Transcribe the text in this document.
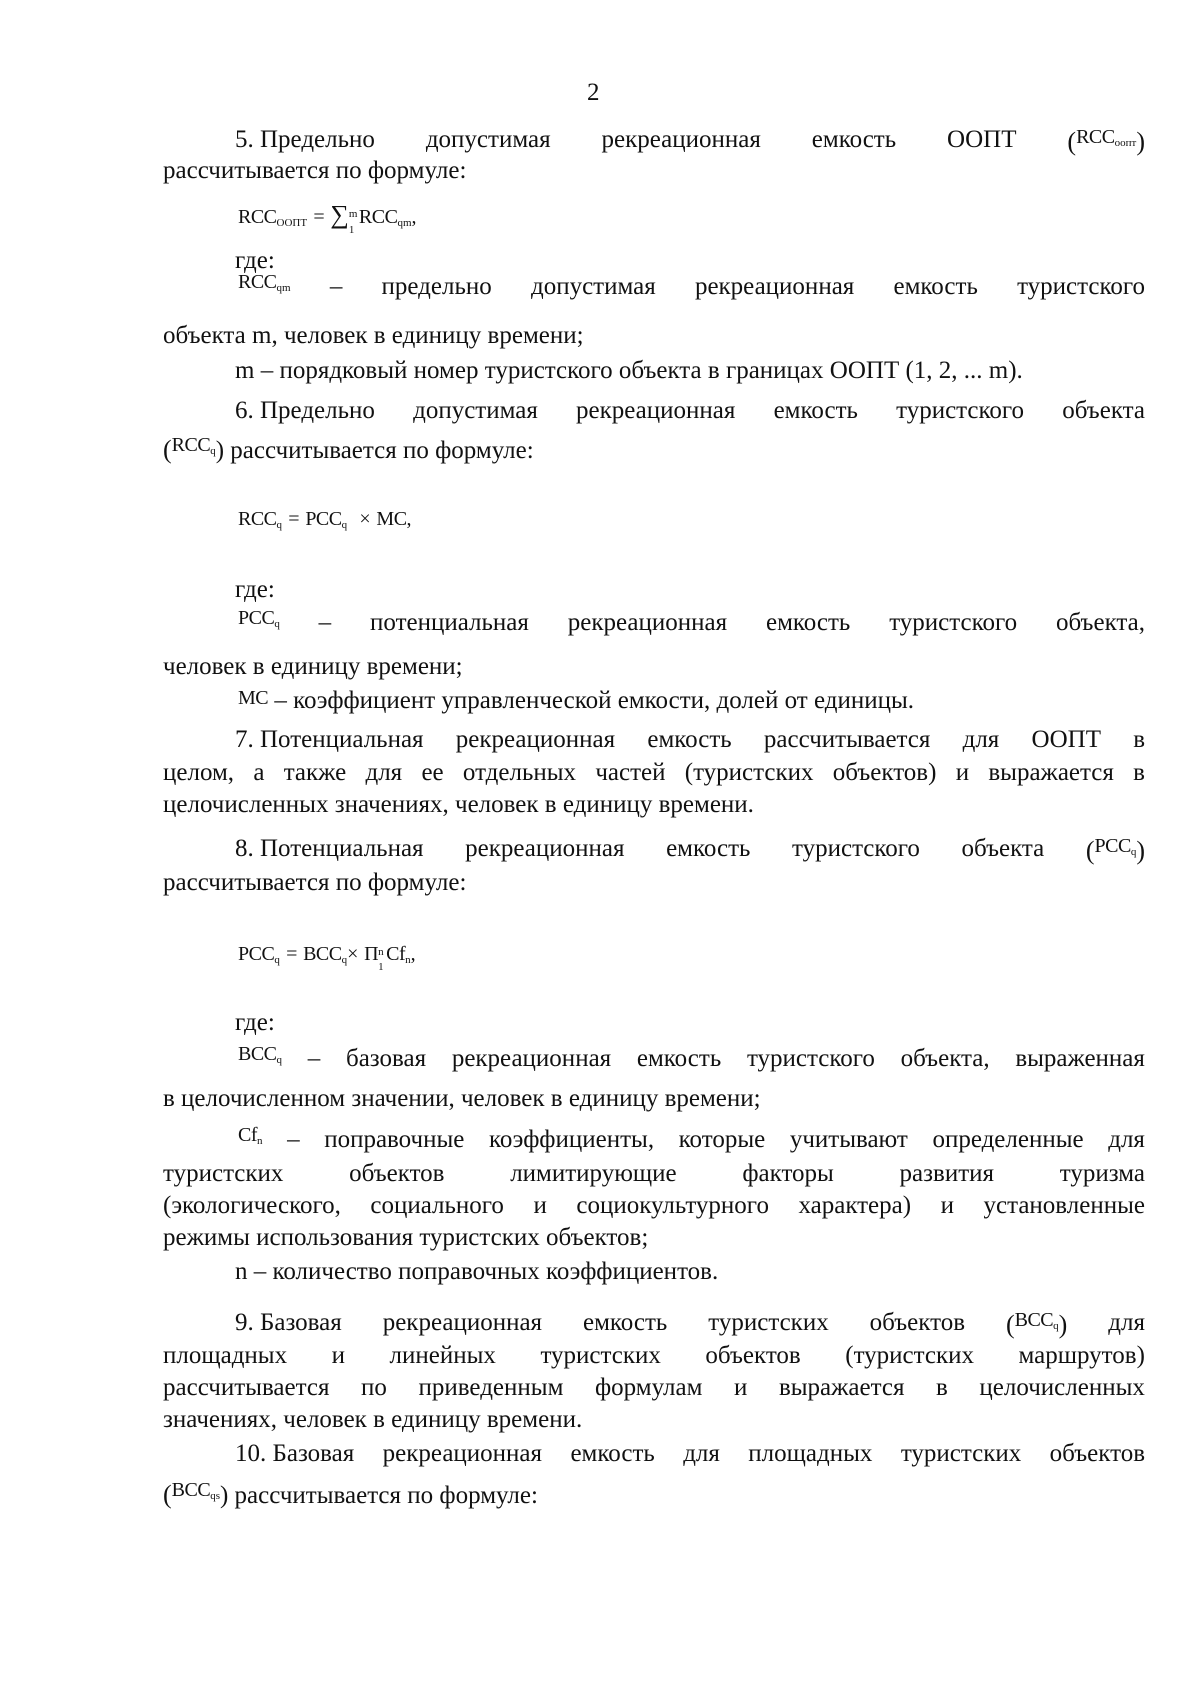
2
5. Предельно допустимая рекреационная емкость ООПТ ($^{RCCоопт}$)
рассчитывается по формуле:
$RCC_{ООПТ}$ = ∑ m
1
$RCC_{qm}$,
где:
$RCC_{qm}$ – предельно допустимая рекреационная емкость туристского
объекта m, человек в единицу времени;
m – порядковый номер туристского объекта в границах ООПТ (1, 2, ... m).
6. Предельно допустимая рекреационная емкость туристского объекта
($^{RCCq}$) рассчитывается по формуле:
$RCC_q = PCC_q$ × MC,
где:
$PCC_q$ – потенциальная рекреационная емкость туристского объекта,
человек в единицу времени;
MC – коэффициент управленческой емкости, долей от единицы.
7. Потенциальная рекреационная емкость рассчитывается для ООПТ в
целом, а также для ее отдельных частей (туристских объектов) и выражается в
целочисленных значениях, человек в единицу времени.
8. Потенциальная рекреационная емкость туристского объекта ($^{PCCq}$)
рассчитывается по формуле:
$PCC_q = BCC_q\times \Pi$ n
1
$Cf_n$,
где:
$BCC_q$ – базовая рекреационная емкость туристского объекта, выраженная
в целочисленном значении, человек в единицу времени;
$Cf_n$ – поправочные коэффициенты, которые учитывают определенные для
туристских	объектов	лимитирующие	факторы	развития	туризма
(экологического, социального и социокультурного характера) и установленные
режимы использования туристских объектов;
n – количество поправочных коэффициентов.
9. Базовая рекреационная емкость туристских объектов ($^{BCCq}$) для
площадных и линейных туристских объектов (туристских маршрутов)
рассчитывается по приведенным формулам и выражается в целочисленных
значениях, человек в единицу времени.
10. Базовая рекреационная емкость для площадных туристских объектов
($^{BCCqs}$) рассчитывается по формуле:
